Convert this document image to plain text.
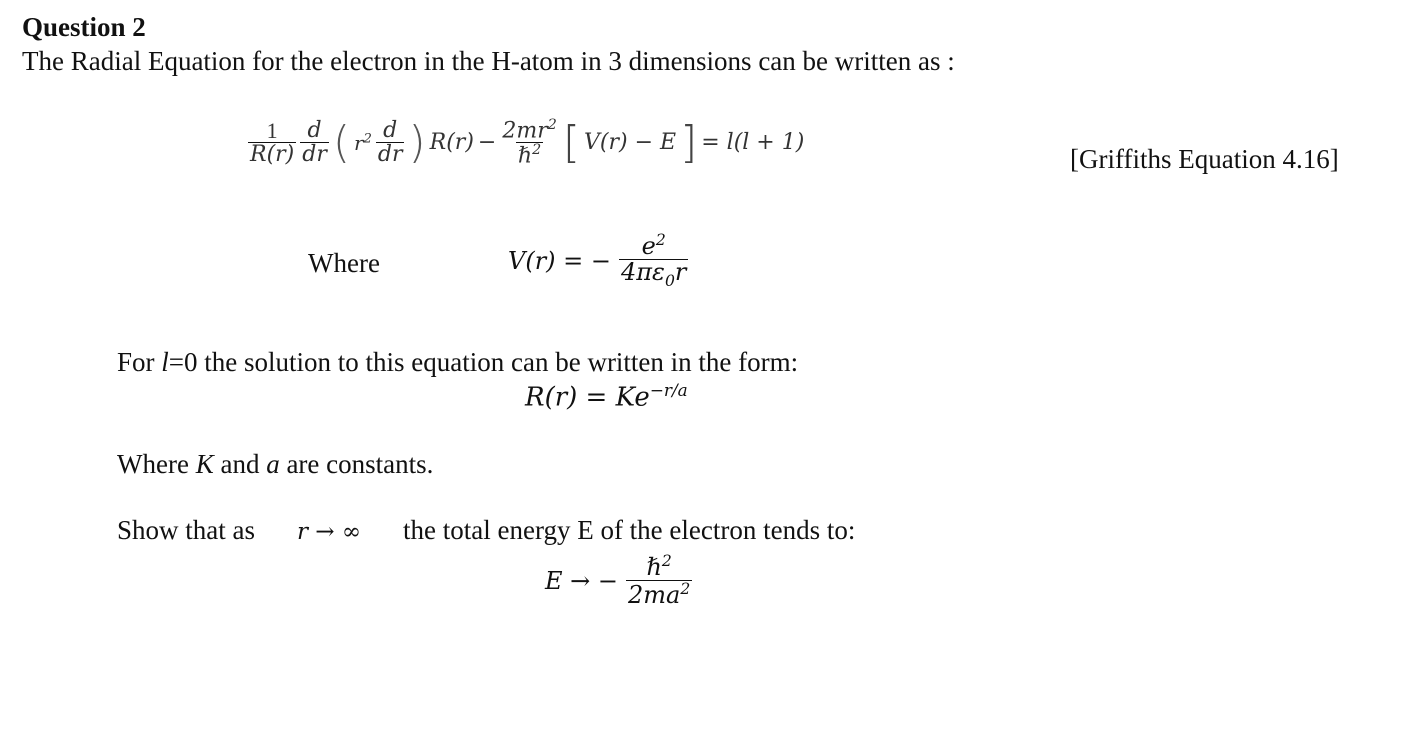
Question 2
The Radial Equation for the electron in the H-atom in 3 dimensions can be written as :
$\frac{1}{R(r)} \frac{d}{dr}$ ( $r^2 \frac{d}{dr}$ ) $R(r) - \frac{2mr^2}{\hbar^2}$ [ V(r) − E ] = l(l + 1)
[Griffiths Equation 4.16]
Where	V(r) = − $\frac{e^2}{4\pi\varepsilon_0r}$
For l=0 the solution to this equation can be written in the form:
$R(r) = Ke^{-r/a}$
Where K and a are constants.
Show that as r → ∞ the total energy E of the electron tends to:
E → − $\frac{\hbar^2}{2ma^2}$
